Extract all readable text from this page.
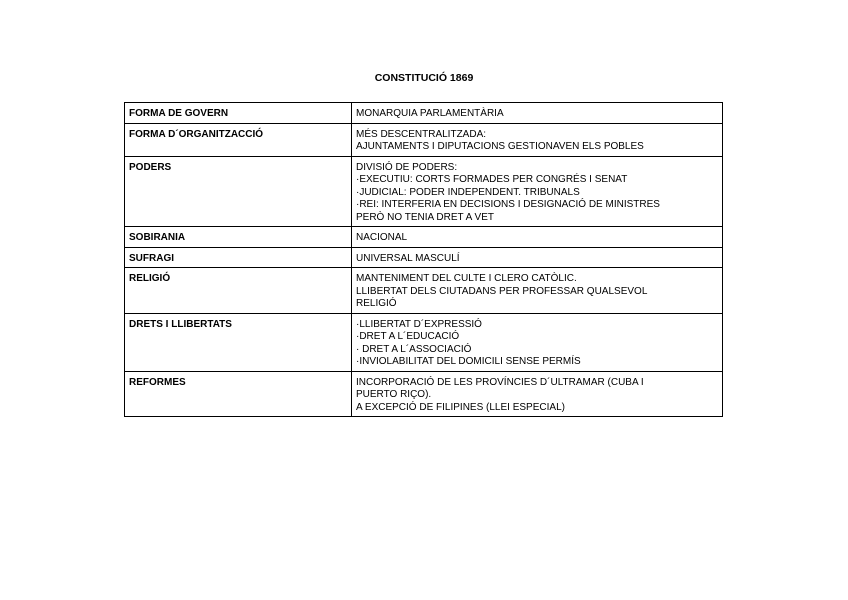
CONSTITUCIÓ 1869
FORMA DE GOVERN	MONARQUIA PARLAMENTÀRIA

FORMA D´ORGANITZACCIÓ	MÉS DESCENTRALITZADA:
AJUNTAMENTS I DIPUTACIONS GESTIONAVEN ELS POBLES

PODERS	DIVISIÓ DE PODERS:
·EXECUTIU: CORTS FORMADES PER CONGRÉS I SENAT
·JUDICIAL: PODER INDEPENDENT. TRIBUNALS
·REI: INTERFERIA EN DECISIONS I DESIGNACIÓ DE MINISTRES
PERÒ NO TENIA DRET A VET

SOBIRANIA	NACIONAL

SUFRAGI	UNIVERSAL MASCULÍ

RELIGIÓ	MANTENIMENT DEL CULTE I CLERO CATÒLIC.
LLIBERTAT DELS CIUTADANS PER PROFESSAR QUALSEVOL
RELIGIÓ

DRETS I LLIBERTATS	·LLIBERTAT D´EXPRESSIÓ
·DRET A L´EDUCACIÓ
· DRET A L´ASSOCIACIÓ
·INVIOLABILITAT DEL DOMICILI SENSE PERMÍS

REFORMES	INCORPORACIÓ DE LES PROVÍNCIES D´ULTRAMAR (CUBA I
PUERTO RIÇO).
A EXCEPCIÓ DE FILIPINES (LLEI ESPECIAL)
